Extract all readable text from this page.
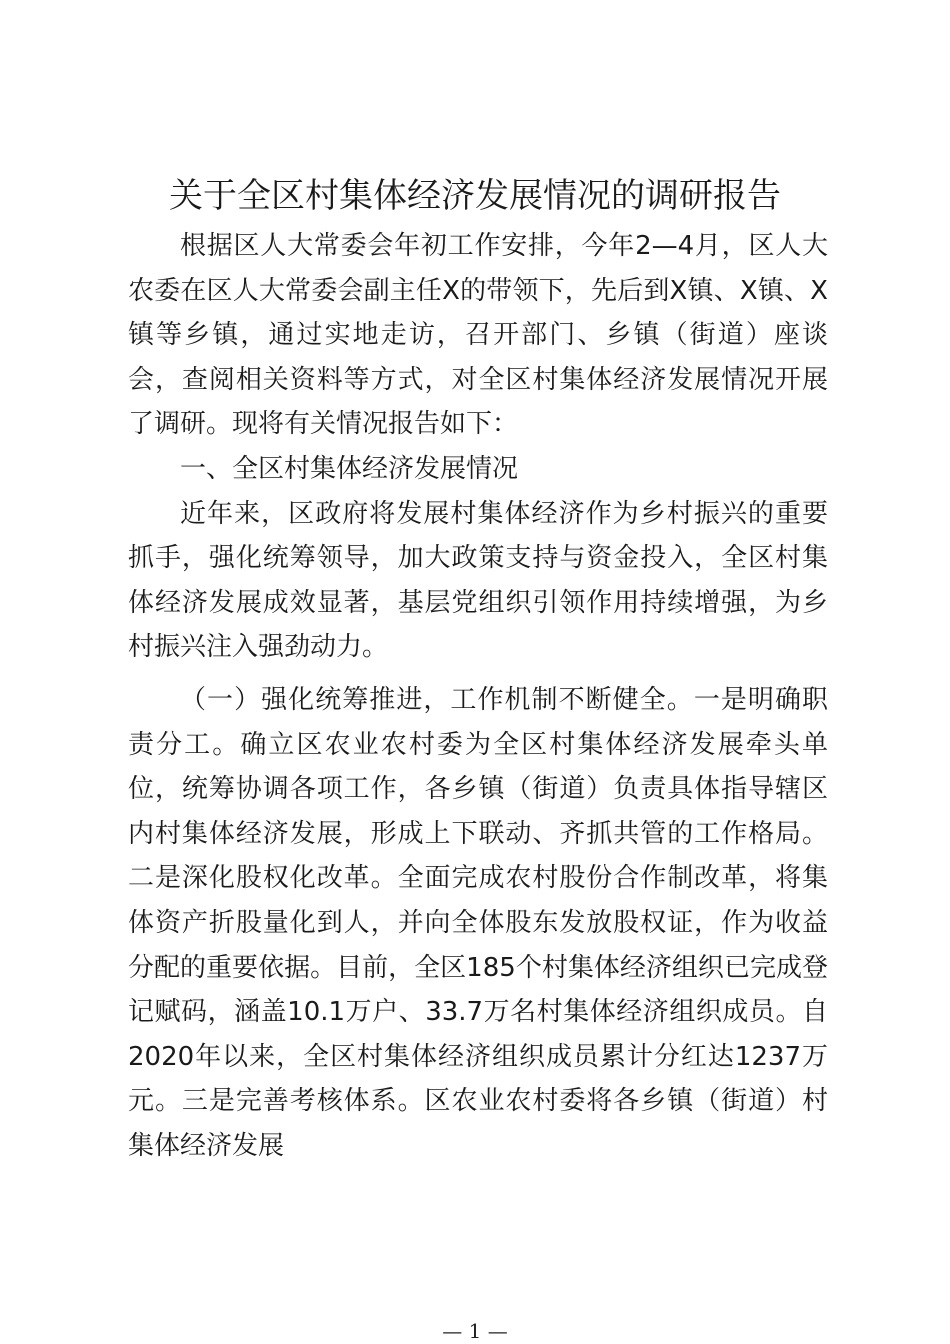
关于全区村集体经济发展情况的调研报告

根据区人大常委会年初工作安排，今年2—4月，区人大农委在区人大常委会副主任X的带领下，先后到X镇、X镇、X镇等乡镇，通过实地走访，召开部门、乡镇（街道）座谈会，查阅相关资料等方式，对全区村集体经济发展情况开展了调研。现将有关情况报告如下：

一、全区村集体经济发展情况

近年来，区政府将发展村集体经济作为乡村振兴的重要抓手，强化统筹领导，加大政策支持与资金投入，全区村集体经济发展成效显著，基层党组织引领作用持续增强，为乡村振兴注入强劲动力。

（一）强化统筹推进，工作机制不断健全。一是明确职责分工。确立区农业农村委为全区村集体经济发展牵头单位，统筹协调各项工作，各乡镇（街道）负责具体指导辖区内村集体经济发展，形成上下联动、齐抓共管的工作格局。二是深化股权化改革。全面完成农村股份合作制改革，将集体资产折股量化到人，并向全体股东发放股权证，作为收益分配的重要依据。目前，全区185个村集体经济组织已完成登记赋码，涵盖10.1万户、33.7万名村集体经济组织成员。自2020年以来，全区村集体经济组织成员累计分红达1237万元。三是完善考核体系。区农业农村委将各乡镇（街道）村集体经济发展

— 1 —
